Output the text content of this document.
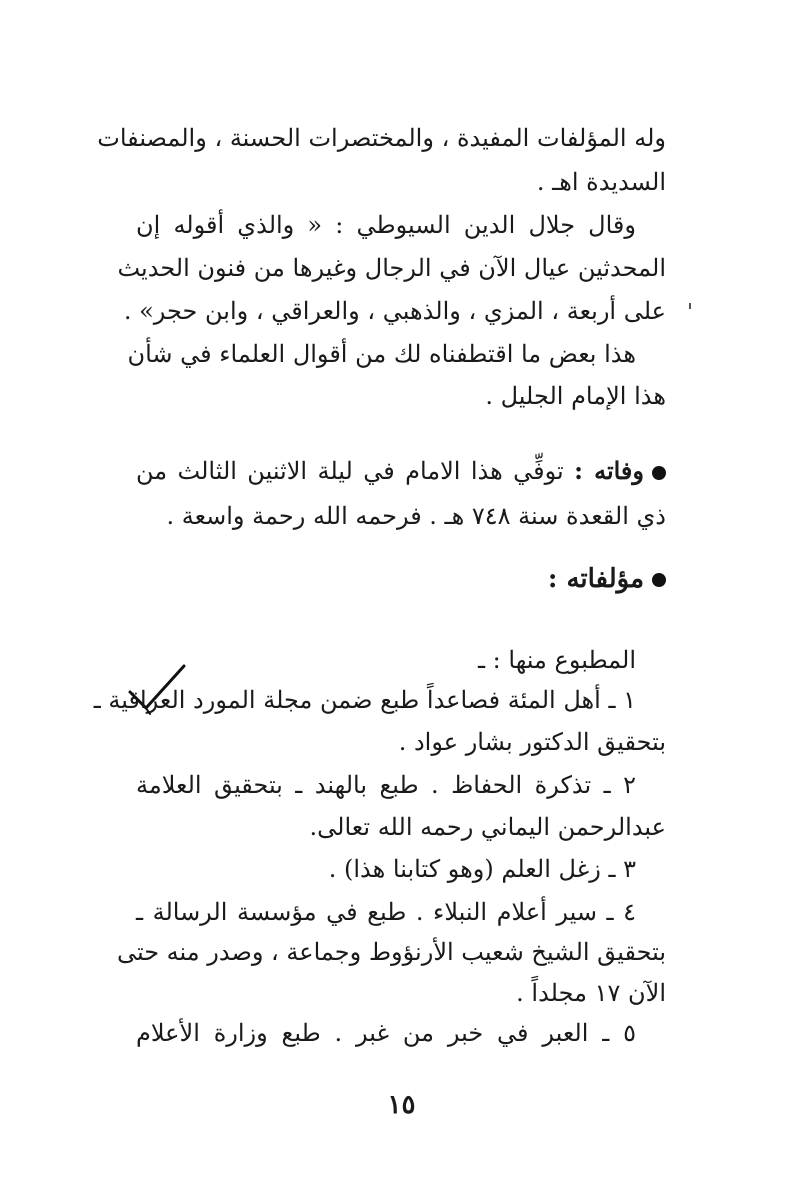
وله المؤلفات المفيدة ، والمختصرات الحسنة ، والمصنفات
السديدة اهـ .
وقال جلال الدين السيوطي : « والذي أقوله إن
المحدثين عيال الآن في الرجال وغيرها من فنون الحديث
على أربعة ، المزي ، والذهبي ، والعراقي ، وابن حجر» .
هذا بعض ما اقتطفناه لك من أقوال العلماء في شأن
هذا الإمام الجليل .
وفاته : توفِّي هذا الامام في ليلة الاثنين الثالث من
ذي القعدة سنة ٧٤٨ هـ . فرحمه الله رحمة واسعة .
مؤلفاته :
المطبوع منها : ـ
١ ـ أهل المئة فصاعداً طبع ضمن مجلة المورد العراقية ـ
بتحقيق الدكتور بشار عواد .
٢ ـ تذكرة الحفاظ . طبع بالهند ـ بتحقيق العلامة
عبدالرحمن اليماني رحمه الله تعالى.
٣ ـ زغل العلم (وهو كتابنا هذا) .
٤ ـ سير أعلام النبلاء . طبع في مؤسسة الرسالة ـ
بتحقيق الشيخ شعيب الأرنؤوط وجماعة ، وصدر منه حتى
الآن ١٧ مجلداً .
٥ ـ العبر في خبر من غبر . طبع وزارة الأعلام
١٥
